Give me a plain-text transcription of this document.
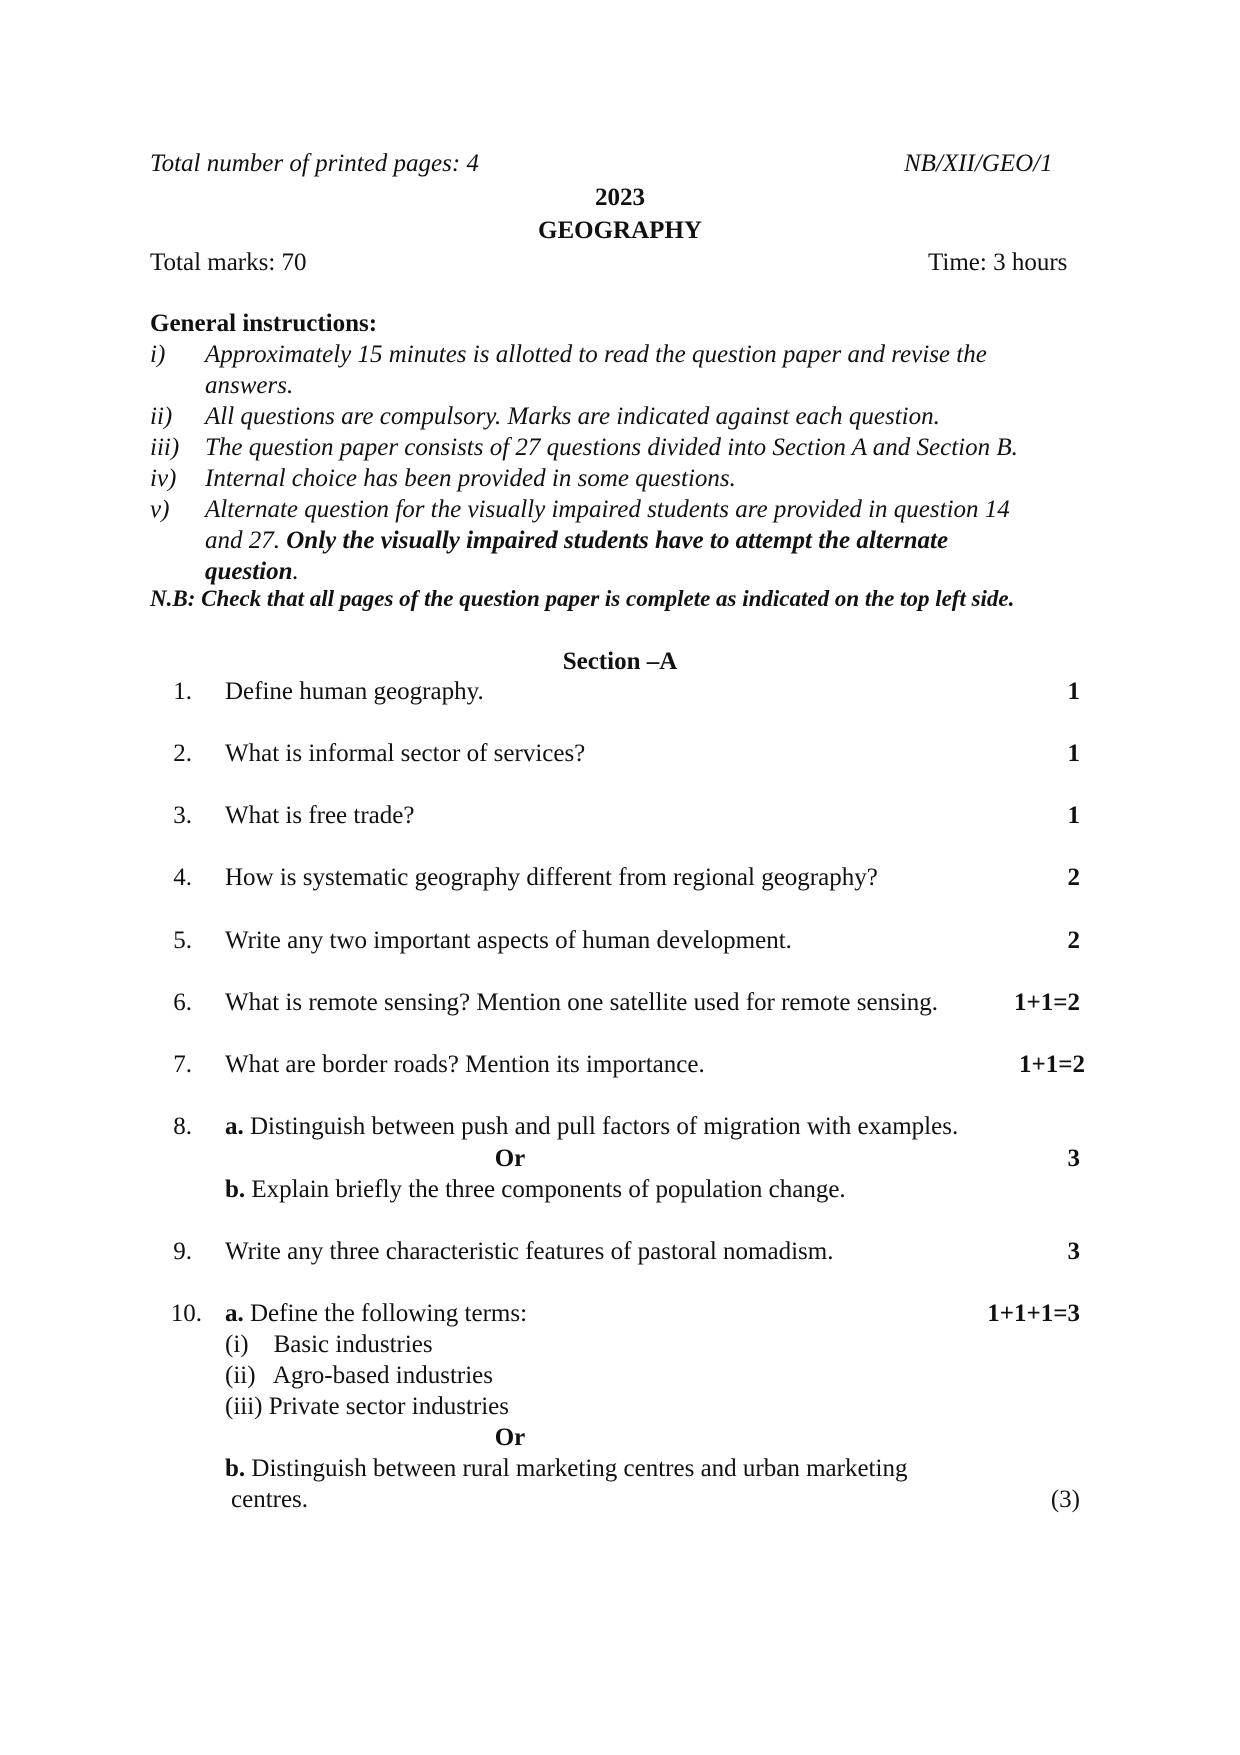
Total number of printed pages: 4	NB/XII/GEO/1
2023
GEOGRAPHY
Total marks: 70	Time: 3 hours
General instructions:
i) Approximately 15 minutes is allotted to read the question paper and revise the
answers.
ii) All questions are compulsory. Marks are indicated against each question.
iii) The question paper consists of 27 questions divided into Section A and Section B.
iv) Internal choice has been provided in some questions.
v) Alternate question for the visually impaired students are provided in question 14
and 27. Only the visually impaired students have to attempt the alternate
question.
N.B: Check that all pages of the question paper is complete as indicated on the top left side.
Section –A
1. Define human geography.	1
2. What is informal sector of services?	1
3. What is free trade?	1
4. How is systematic geography different from regional geography?	2
5. Write any two important aspects of human development.	2
6. What is remote sensing? Mention one satellite used for remote sensing.	1+1=2
7. What are border roads? Mention its importance.	1+1=2
8. a. Distinguish between push and pull factors of migration with examples.
Or	3
b. Explain briefly the three components of population change.
9. Write any three characteristic features of pastoral nomadism.	3
10. a. Define the following terms:	1+1+1=3
(i)    Basic industries
(ii)   Agro-based industries
(iii) Private sector industries
Or
b. Distinguish between rural marketing centres and urban marketing
centres.	(3)
